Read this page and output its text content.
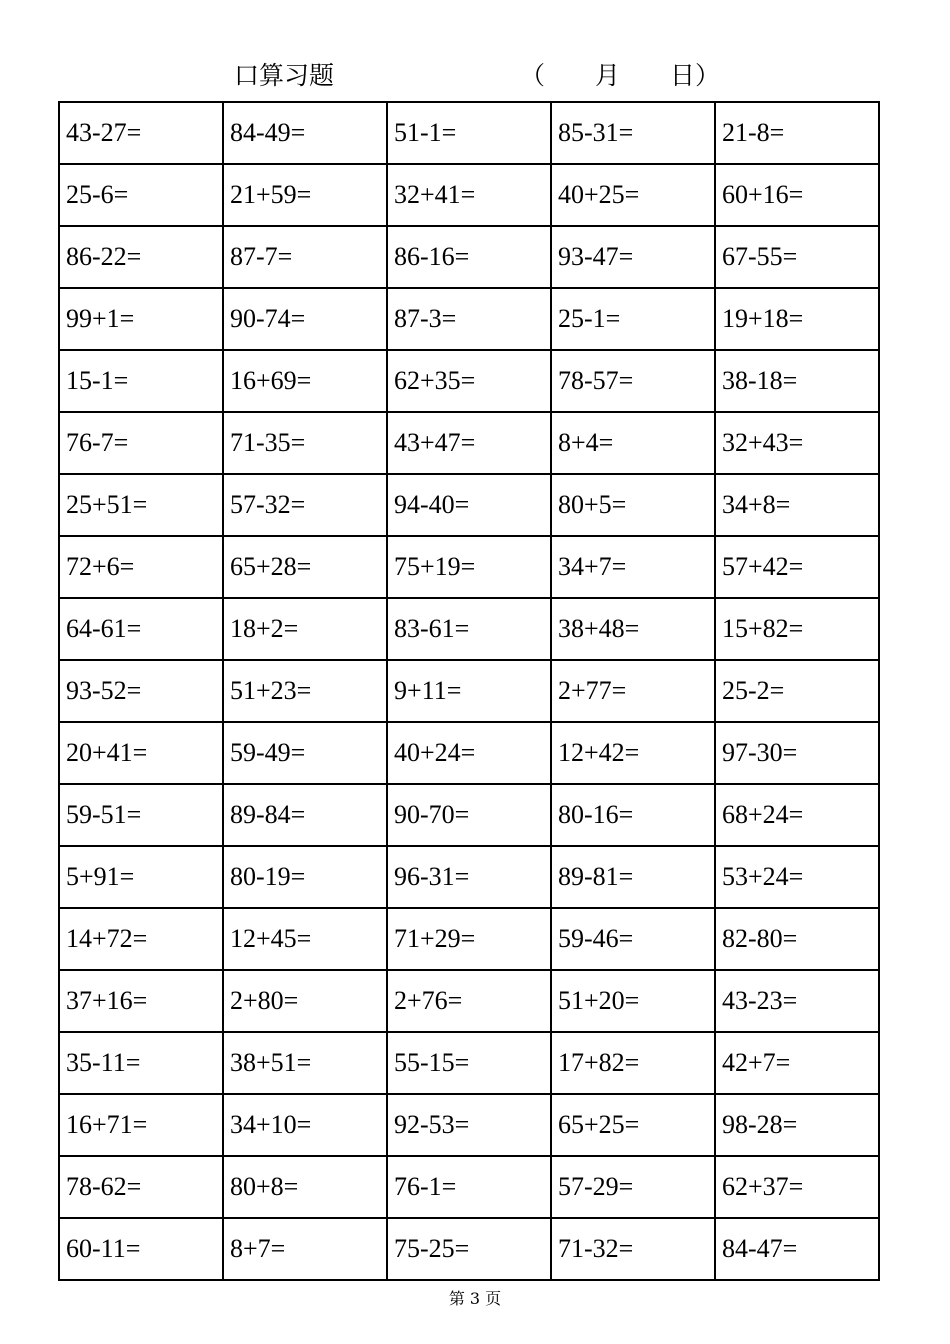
口算习题	（　　月　　日）
43-27=	84-49=	51-1=	85-31=	21-8=
25-6=	21+59=	32+41=	40+25=	60+16=
86-22=	87-7=	86-16=	93-47=	67-55=
99+1=	90-74=	87-3=	25-1=	19+18=
15-1=	16+69=	62+35=	78-57=	38-18=
76-7=	71-35=	43+47=	8+4=	32+43=
25+51=	57-32=	94-40=	80+5=	34+8=
72+6=	65+28=	75+19=	34+7=	57+42=
64-61=	18+2=	83-61=	38+48=	15+82=
93-52=	51+23=	9+11=	2+77=	25-2=
20+41=	59-49=	40+24=	12+42=	97-30=
59-51=	89-84=	90-70=	80-16=	68+24=
5+91=	80-19=	96-31=	89-81=	53+24=
14+72=	12+45=	71+29=	59-46=	82-80=
37+16=	2+80=	2+76=	51+20=	43-23=
35-11=	38+51=	55-15=	17+82=	42+7=
16+71=	34+10=	92-53=	65+25=	98-28=
78-62=	80+8=	76-1=	57-29=	62+37=
60-11=	8+7=	75-25=	71-32=	84-47=
第 3 页
